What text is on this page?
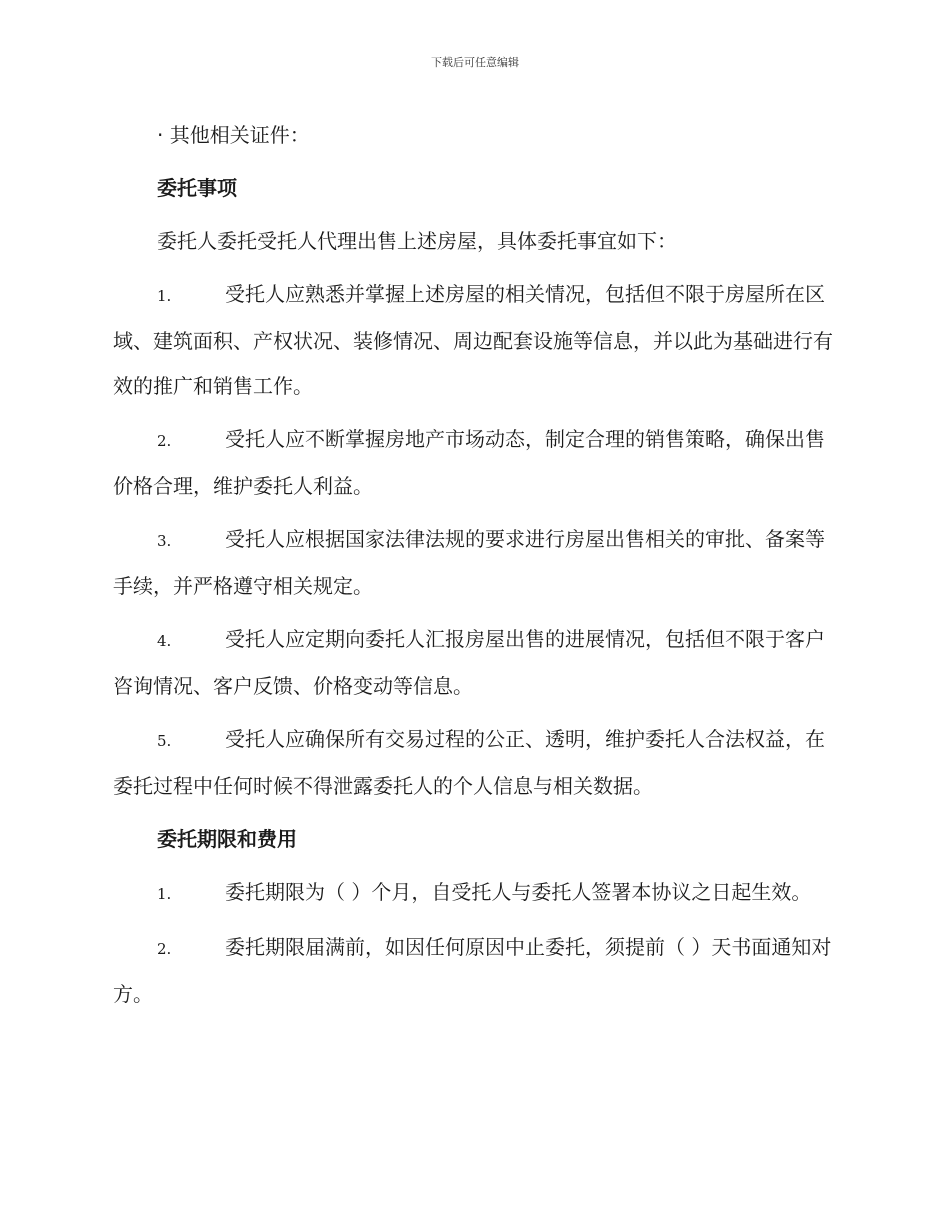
下载后可任意编辑

· 其他相关证件：

委托事项

委托人委托受托人代理出售上述房屋，具体委托事宜如下：

1.	受托人应熟悉并掌握上述房屋的相关情况，包括但不限于房屋所在区域、建筑面积、产权状况、装修情况、周边配套设施等信息，并以此为基础进行有效的推广和销售工作。

2.	受托人应不断掌握房地产市场动态，制定合理的销售策略，确保出售价格合理，维护委托人利益。

3.	受托人应根据国家法律法规的要求进行房屋出售相关的审批、备案等手续，并严格遵守相关规定。

4.	受托人应定期向委托人汇报房屋出售的进展情况，包括但不限于客户咨询情况、客户反馈、价格变动等信息。

5.	受托人应确保所有交易过程的公正、透明，维护委托人合法权益，在委托过程中任何时候不得泄露委托人的个人信息与相关数据。

委托期限和费用

1.	委托期限为（ ）个月，自受托人与委托人签署本协议之日起生效。

2.	委托期限届满前，如因任何原因中止委托，须提前（ ）天书面通知对方。
